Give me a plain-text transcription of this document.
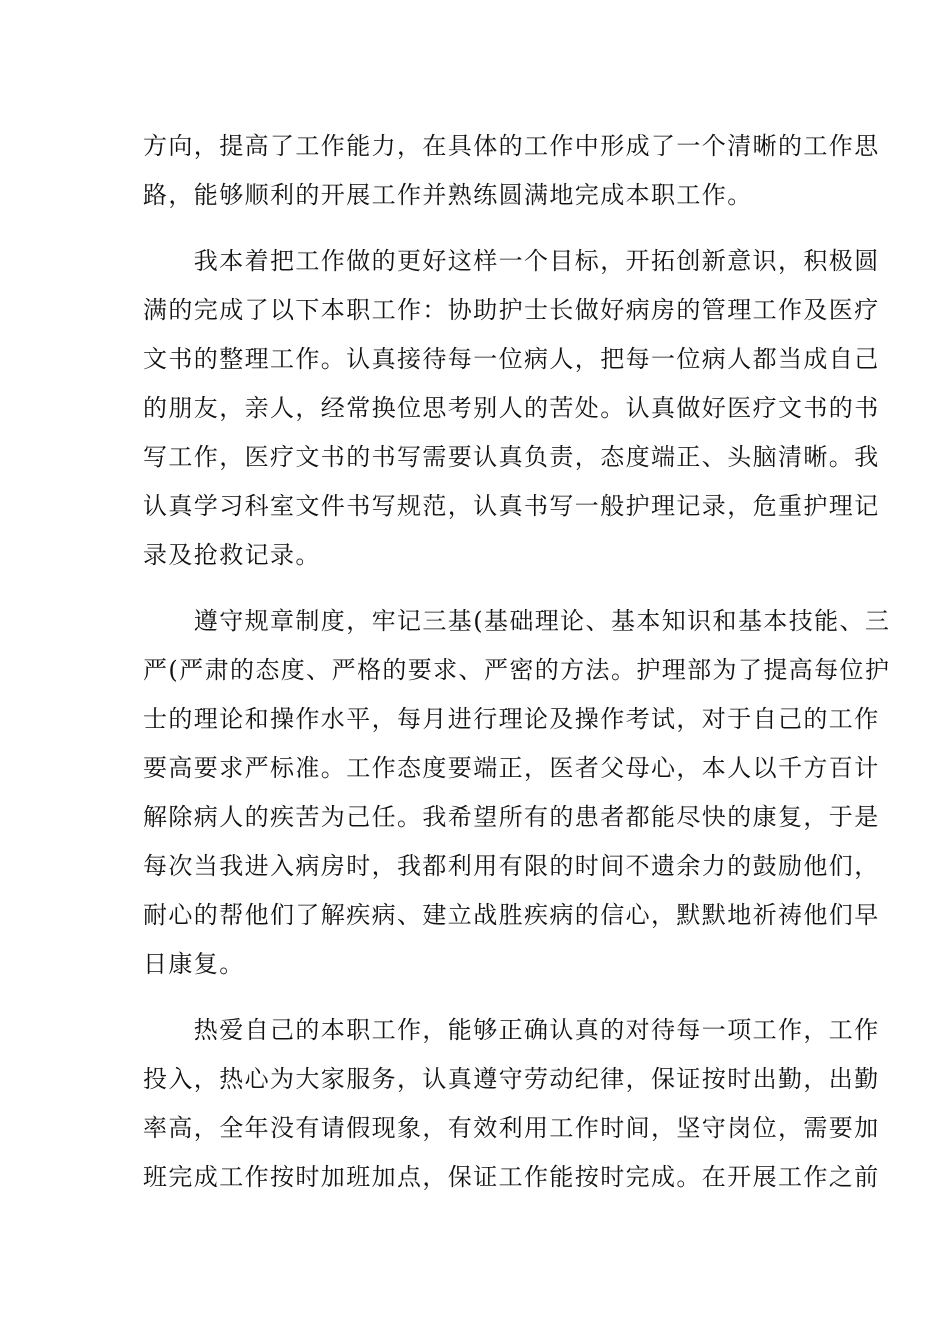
方向，提高了工作能力，在具体的工作中形成了一个清晰的工作思
路，能够顺利的开展工作并熟练圆满地完成本职工作。
　　我本着把工作做的更好这样一个目标，开拓创新意识，积极圆
满的完成了以下本职工作：协助护士长做好病房的管理工作及医疗
文书的整理工作。认真接待每一位病人，把每一位病人都当成自己
的朋友，亲人，经常换位思考别人的苦处。认真做好医疗文书的书
写工作，医疗文书的书写需要认真负责，态度端正、头脑清晰。我
认真学习科室文件书写规范，认真书写一般护理记录，危重护理记
录及抢救记录。
　　遵守规章制度，牢记三基(基础理论、基本知识和基本技能、三
严(严肃的态度、严格的要求、严密的方法。护理部为了提高每位护
士的理论和操作水平，每月进行理论及操作考试，对于自己的工作
要高要求严标准。工作态度要端正，医者父母心，本人以千方百计
解除病人的疾苦为己任。我希望所有的患者都能尽快的康复，于是
每次当我进入病房时，我都利用有限的时间不遗余力的鼓励他们，
耐心的帮他们了解疾病、建立战胜疾病的信心，默默地祈祷他们早
日康复。
　　热爱自己的本职工作，能够正确认真的对待每一项工作，工作
投入，热心为大家服务，认真遵守劳动纪律，保证按时出勤，出勤
率高，全年没有请假现象，有效利用工作时间，坚守岗位，需要加
班完成工作按时加班加点，保证工作能按时完成。在开展工作之前
